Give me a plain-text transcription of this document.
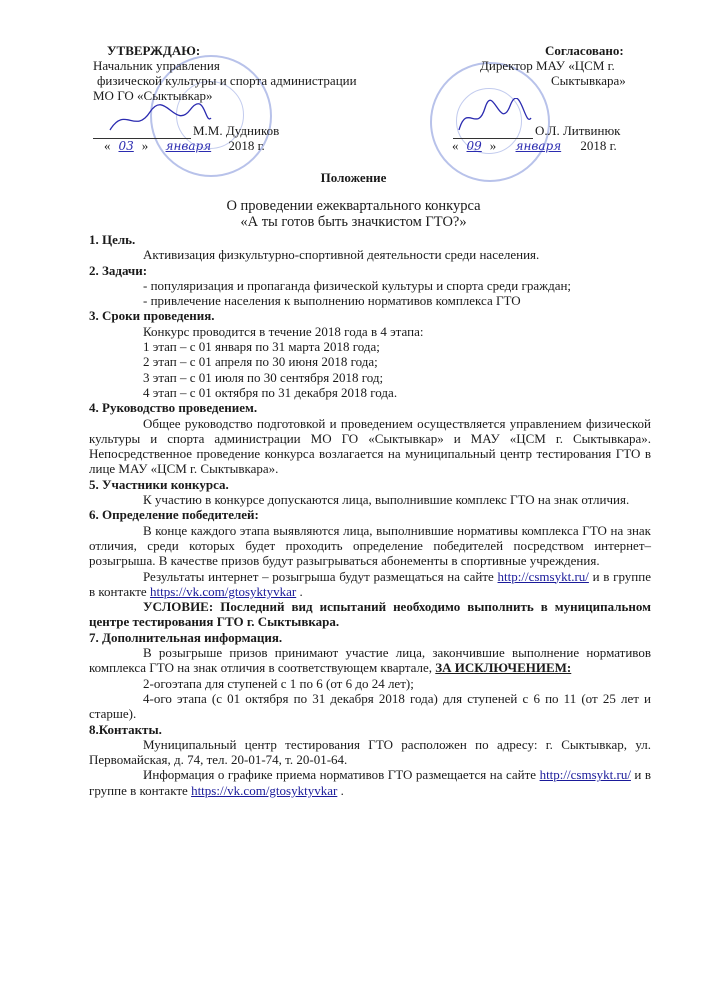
УТВЕРЖДАЮ:
Начальник управления
физической культуры и спорта администрации
МО ГО «Сыктывкар»
М.М. Дудников
« 03 » января 2018 г.
Согласовано:
Директор МАУ «ЦСМ г.
Сыктывкара»
О.Л. Литвинюк
« 09 » января 2018 г.
Положение
О проведении ежеквартального конкурса
«А ты готов быть значкистом ГТО?»

1. Цель.

Активизация физкультурно-спортивной деятельности среди населения.

2. Задачи:

- популяризация и пропаганда физической культуры и спорта среди граждан;

- привлечение населения к выполнению нормативов комплекса ГТО

3. Сроки проведения.

Конкурс проводится в течение 2018 года в 4 этапа:

1 этап – с 01 января по 31 марта 2018 года;

2 этап – с 01 апреля по 30 июня 2018 года;

3 этап – с 01 июля по 30 сентября 2018 год;

4 этап – с 01 октября по 31 декабря 2018 года.

4. Руководство проведением.

Общее руководство подготовкой и проведением осуществляется управлением физической культуры и спорта администрации МО ГО «Сыктывкар» и МАУ «ЦСМ г. Сыктывкара». Непосредственное проведение конкурса возлагается на муниципальный центр тестирования ГТО в лице МАУ «ЦСМ г. Сыктывкара».

5. Участники конкурса.

К участию в конкурсе допускаются лица, выполнившие комплекс ГТО на знак отличия.

6. Определение победителей:

В конце каждого этапа выявляются лица, выполнившие нормативы комплекса ГТО на знак отличия, среди которых будет проходить определение победителей посредством интернет–розыгрыша. В качестве призов будут разыгрываться абонементы в спортивные учреждения.

Результаты интернет – розыгрыша будут размещаться на сайте http://csmsykt.ru/ и в группе в контакте https://vk.com/gtosyktyvkar .

УСЛОВИЕ: Последний вид испытаний необходимо выполнить в муниципальном центре тестирования ГТО г. Сыктывкара.

7. Дополнительная информация.

В розыгрыше призов принимают участие лица, закончившие выполнение нормативов комплекса ГТО на знак отличия в соответствующем квартале, ЗА ИСКЛЮЧЕНИЕМ:

2-огоэтапа для ступеней с 1 по 6 (от 6 до 24 лет);

4-ого этапа (с 01 октября по 31 декабря 2018 года) для ступеней с 6 по 11 (от 25 лет и старше).

8.Контакты.

Муниципальный центр тестирования ГТО расположен по адресу: г. Сыктывкар, ул. Первомайская, д. 74, тел. 20-01-74, т. 20-01-64.

Информация о графике приема нормативов ГТО размещается на сайте http://csmsykt.ru/ и в группе в контакте https://vk.com/gtosyktyvkar .
